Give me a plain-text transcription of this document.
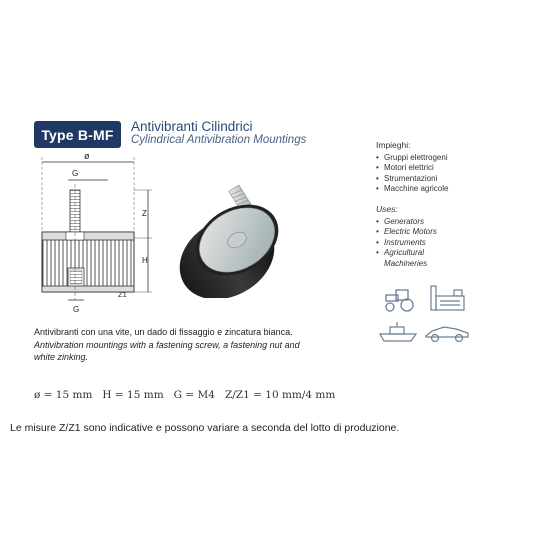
Type B-MF	Antivibranti Cilindrici
Cylindrical Antivibration Mountings
ø
G
Z
H
Z1
G
Impieghi:
• Gruppi elettrogeni
• Motori elettrici
• Strumentazioni
• Macchine agricole
Uses:
• Generators
• Electric Motors
• Instruments
• Agricultural Machineries
Antivibranti con una vite, un dado di fissaggio e zincatura bianca.
Antivibration mountings with a fastening screw, a fastening nut and white zinking.
ø = 15 mm   H = 15 mm   G = M4   Z/Z1 = 10 mm/4 mm
Le misure Z/Z1 sono indicative e possono variare a seconda del lotto di produzione.
